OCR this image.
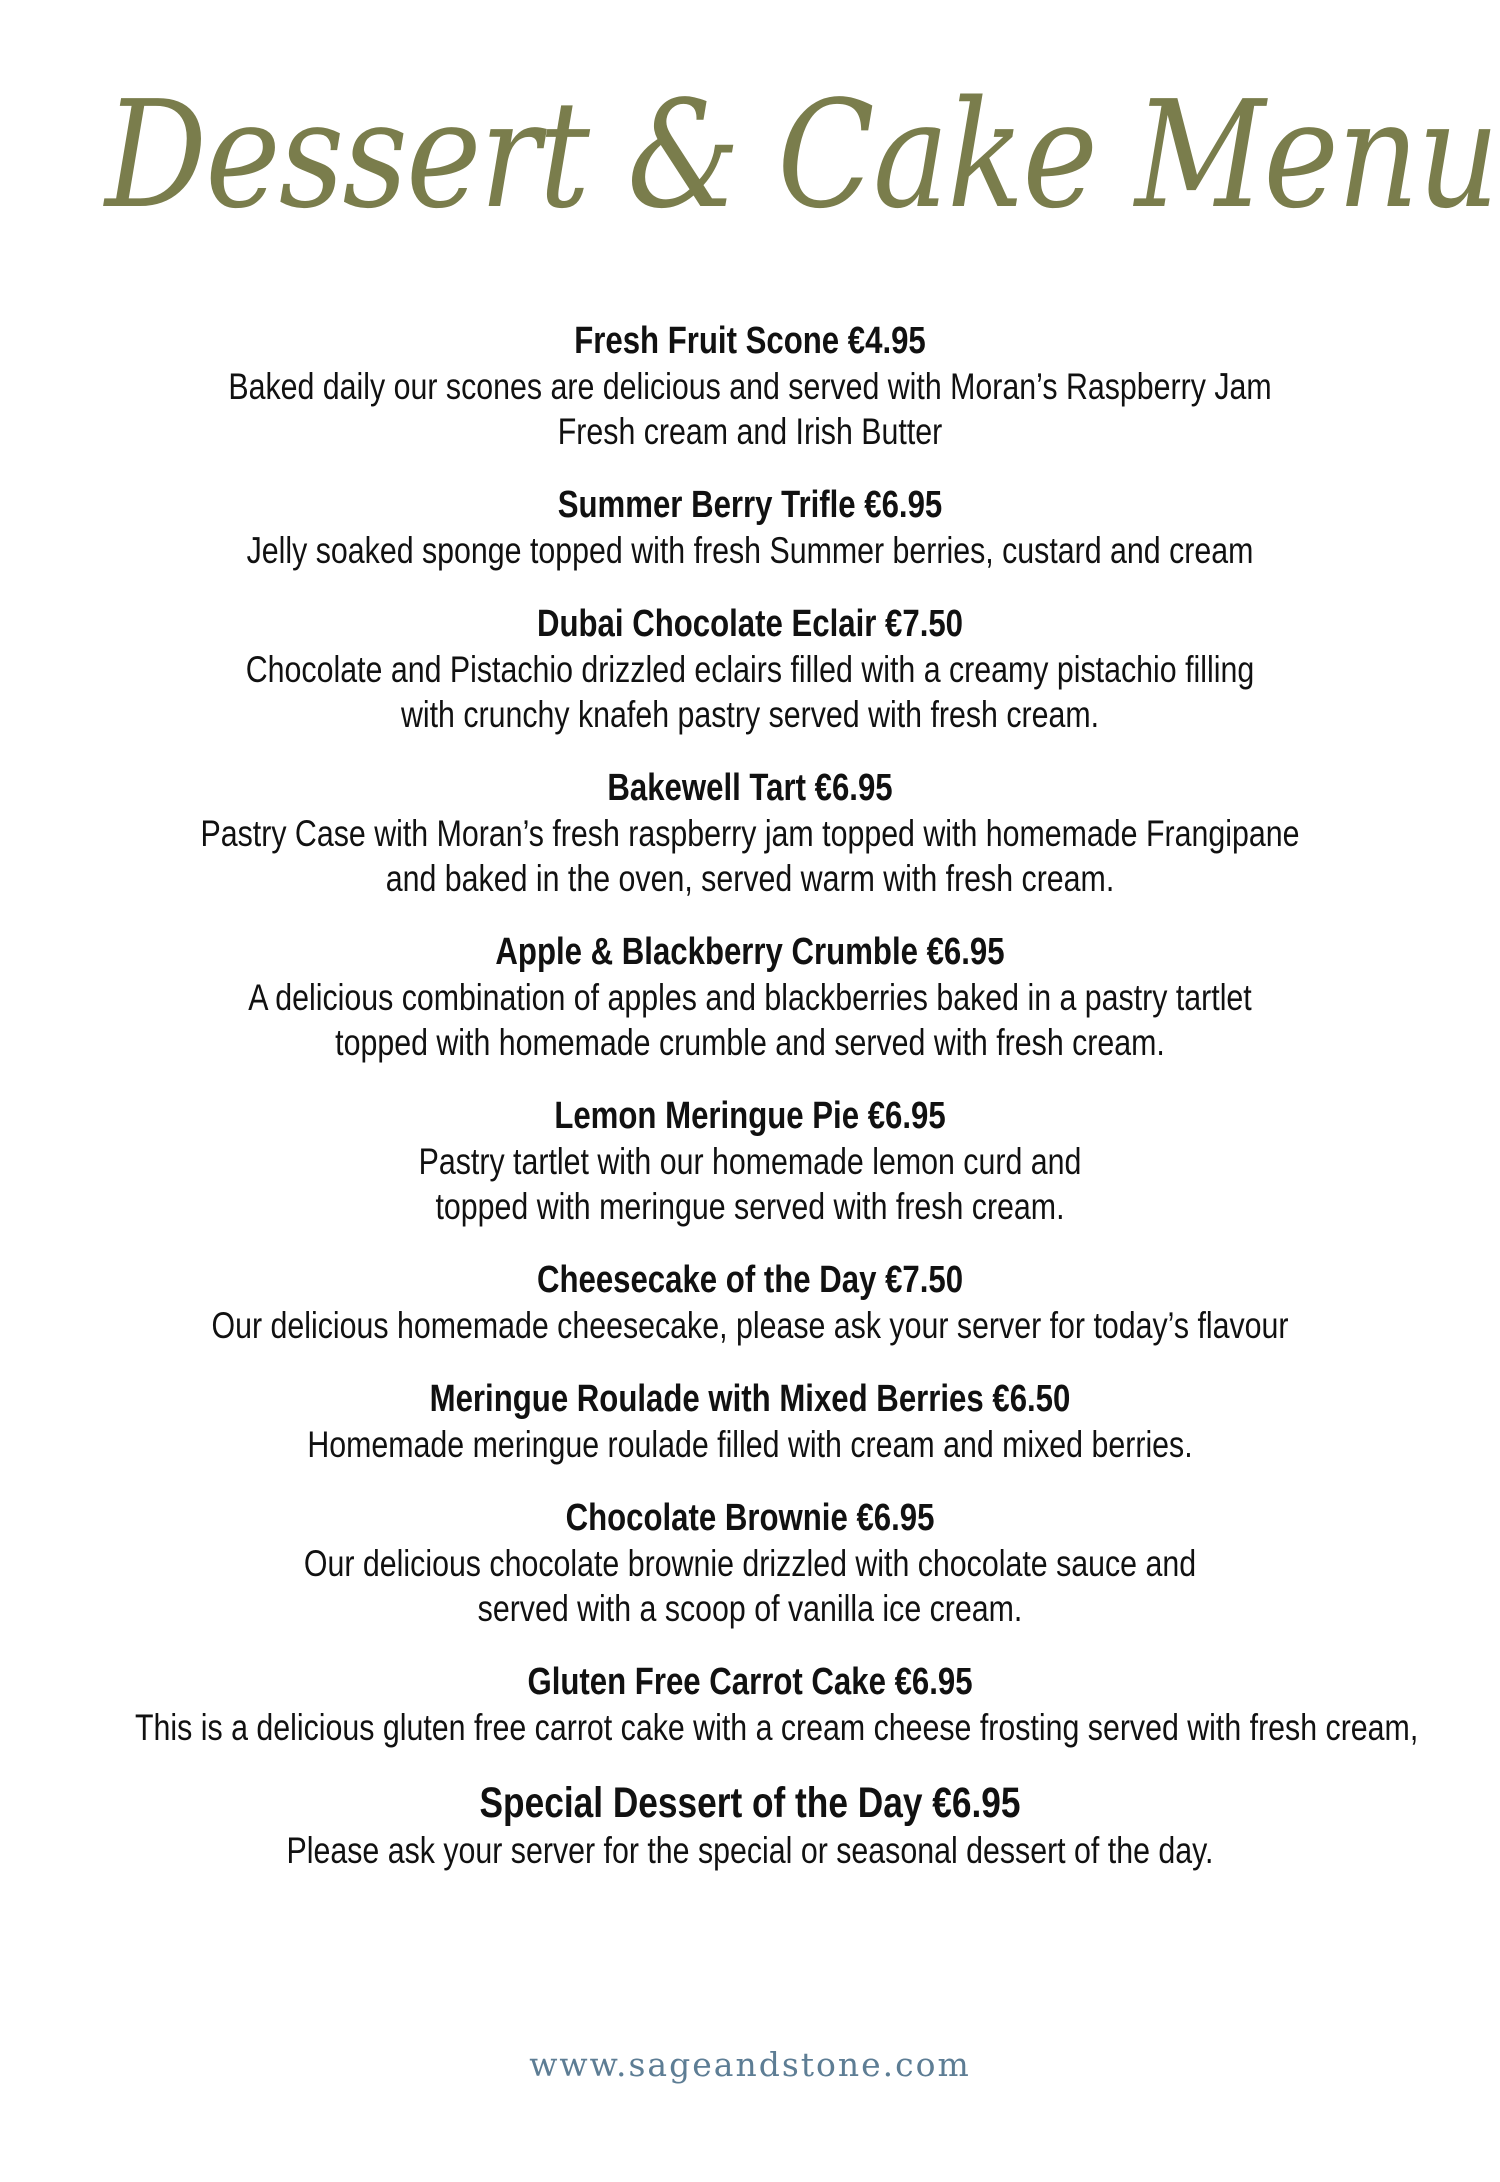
Dessert & Cake Menu
Fresh Fruit Scone €4.95
Baked daily our scones are delicious and served with Moran’s Raspberry Jam
Fresh cream and Irish Butter
Summer Berry Trifle €6.95
Jelly soaked sponge topped with fresh Summer berries, custard and cream
Dubai Chocolate Eclair €7.50
Chocolate and Pistachio drizzled eclairs filled with a creamy pistachio filling
with crunchy knafeh pastry served with fresh cream.
Bakewell Tart €6.95
Pastry Case with Moran’s fresh raspberry jam topped with homemade Frangipane
and baked in the oven, served warm with fresh cream.
Apple & Blackberry Crumble €6.95
A delicious combination of apples and blackberries baked in a pastry tartlet
topped with homemade crumble and served with fresh cream.
Lemon Meringue Pie €6.95
Pastry tartlet with our homemade lemon curd and
topped with meringue served with fresh cream.
Cheesecake of the Day €7.50
Our delicious homemade cheesecake, please ask your server for today’s flavour
Meringue Roulade with Mixed Berries €6.50
Homemade meringue roulade filled with cream and mixed berries.
Chocolate Brownie €6.95
Our delicious chocolate brownie drizzled with chocolate sauce and
served with a scoop of vanilla ice cream.
Gluten Free Carrot Cake €6.95
This is a delicious gluten free carrot cake with a cream cheese frosting served with fresh cream,
Special Dessert of the Day €6.95
Please ask your server for the special or seasonal dessert of the day.
www.sageandstone.com
